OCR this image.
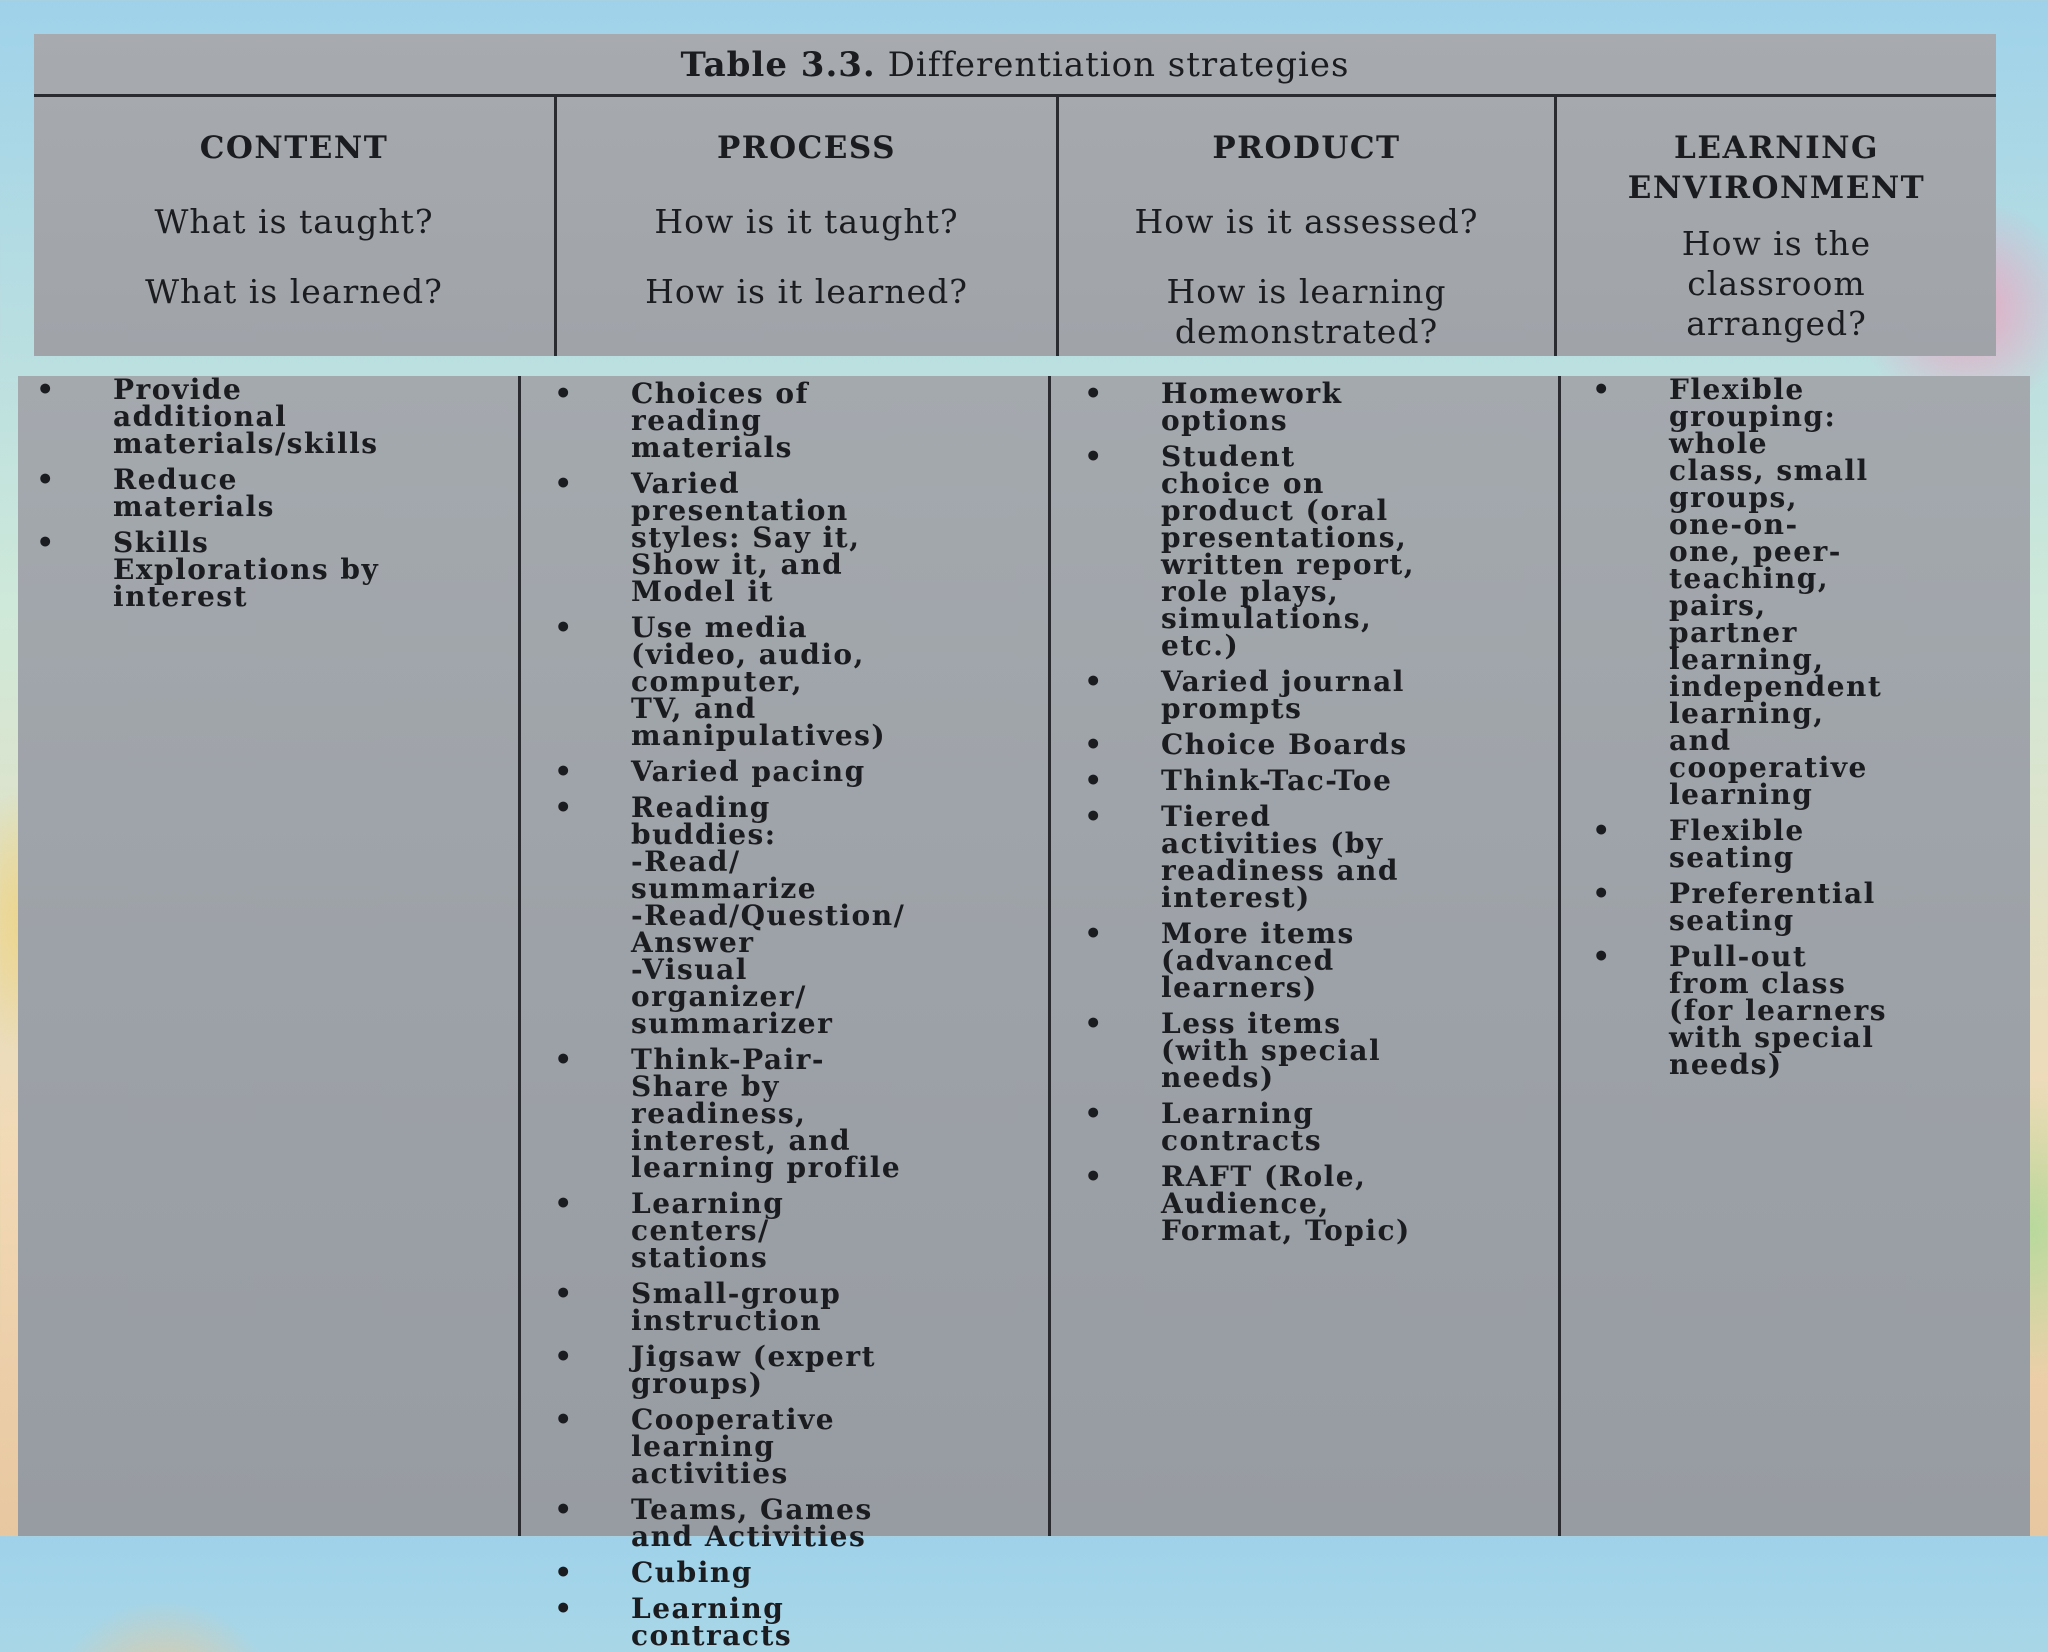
Table 3.3. Differentiation strategies
CONTENT
What is taught?
What is learned?
PROCESS
How is it taught?
How is it learned?
PRODUCT
How is it assessed?
How is learning demonstrated?
LEARNING ENVIRONMENT
How is the classroom arranged?
• Provide
additional
materials/skills
• Reduce
materials
• Skills
Explorations by
interest
• Choices of
reading
materials
• Varied
presentation
styles: Say it,
Show it, and
Model it
• Use media
(video, audio,
computer,
TV, and
manipulatives)
• Varied pacing
• Reading
buddies:
-Read/
summarize
-Read/Question/
Answer
-Visual
organizer/
summarizer
• Think-Pair-
Share by
readiness,
interest, and
learning profile
• Learning
centers/
stations
• Small-group
instruction
• Jigsaw (expert
groups)
• Cooperative
learning
activities
• Teams, Games
and Activities
• Cubing
• Learning
contracts
• Homework
options
• Student
choice on
product (oral
presentations,
written report,
role plays,
simulations,
etc.)
• Varied journal
prompts
• Choice Boards
• Think-Tac-Toe
• Tiered
activities (by
readiness and
interest)
• More items
(advanced
learners)
• Less items
(with special
needs)
• Learning
contracts
• RAFT (Role,
Audience,
Format, Topic)
• Flexible
grouping:
whole
class, small
groups,
one-on-
one, peer-
teaching,
pairs,
partner
learning,
independent
learning,
and
cooperative
learning
• Flexible
seating
• Preferential
seating
• Pull-out
from class
(for learners
with special
needs)
